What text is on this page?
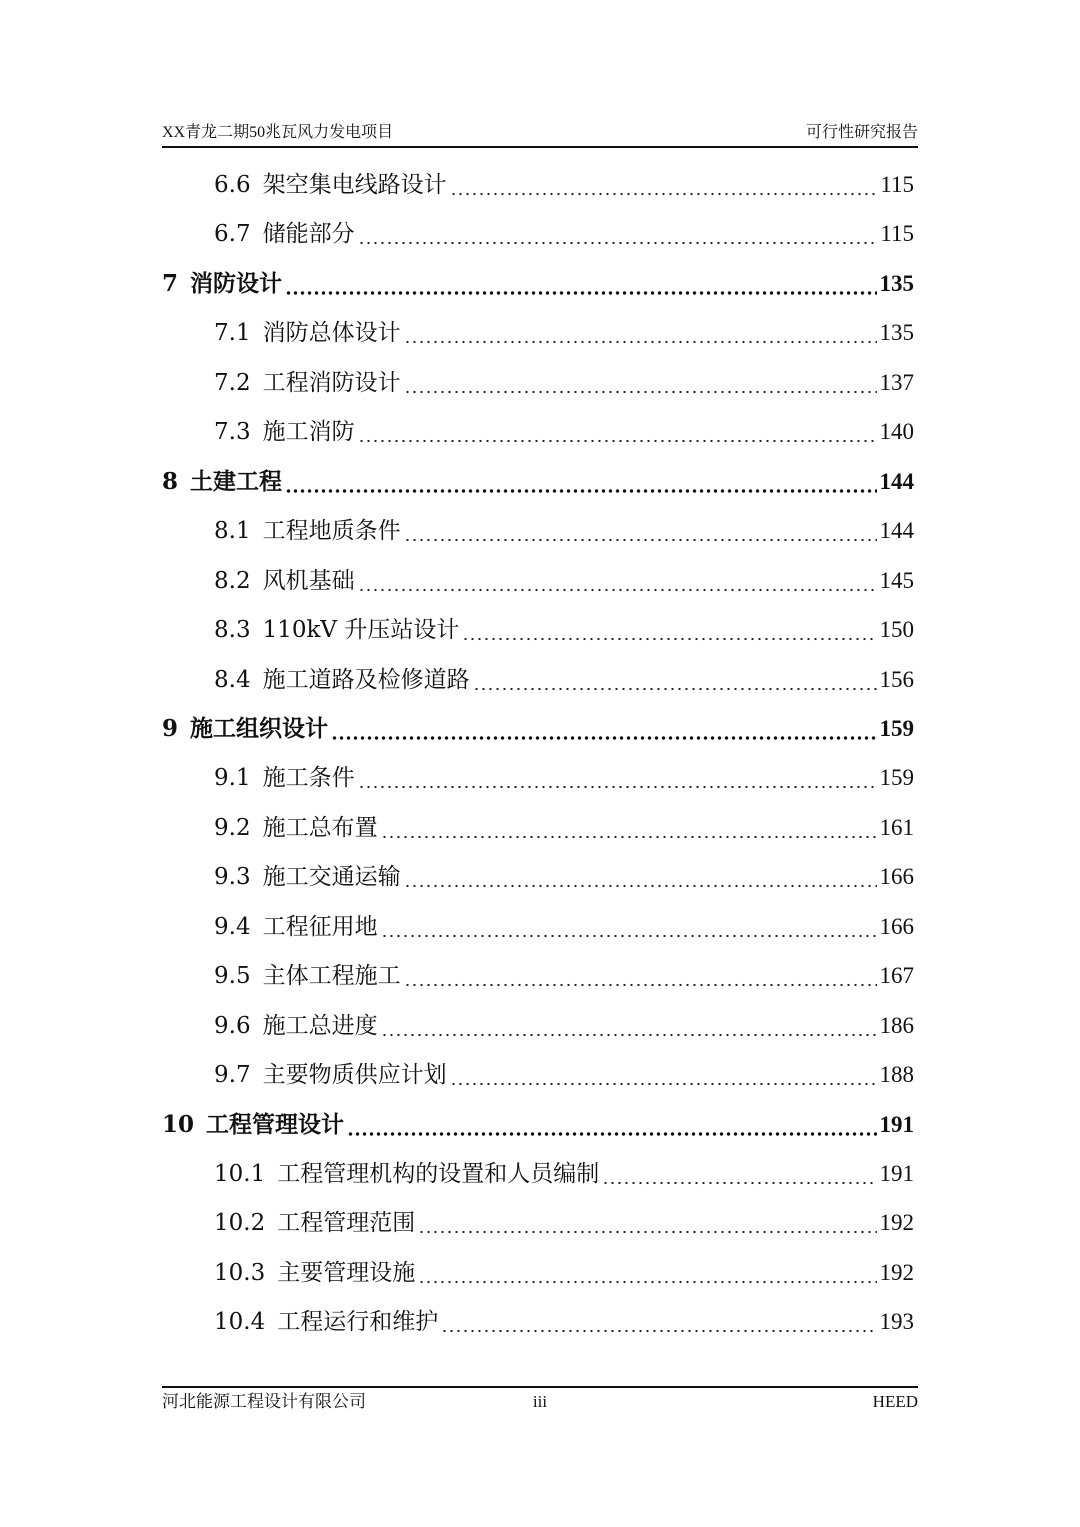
XX青龙二期50兆瓦风力发电项目	可行性研究报告
6.6 架空集电线路设计	115
6.7 储能部分	115
7 消防设计	135
7.1 消防总体设计	135
7.2 工程消防设计	137
7.3 施工消防	140
8 土建工程	144
8.1 工程地质条件	144
8.2 风机基础	145
8.3 110kV 升压站设计	150
8.4 施工道路及检修道路	156
9 施工组织设计	159
9.1 施工条件	159
9.2 施工总布置	161
9.3 施工交通运输	166
9.4 工程征用地	166
9.5 主体工程施工	167
9.6 施工总进度	186
9.7 主要物质供应计划	188
10 工程管理设计	191
10.1 工程管理机构的设置和人员编制	191
10.2 工程管理范围	192
10.3 主要管理设施	192
10.4 工程运行和维护	193
河北能源工程设计有限公司	iii	HEED
